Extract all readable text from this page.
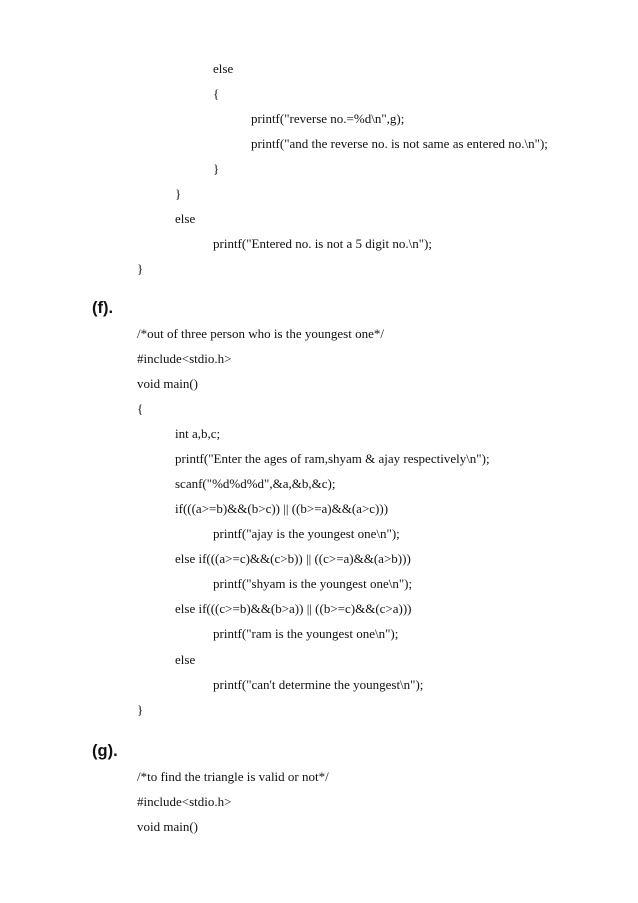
else
{
printf("reverse no.=%d\n",g);
printf("and the reverse no. is not same as entered no.\n");
}
}
else
printf("Entered no. is not a 5 digit no.\n");
}
(f).
/*out of three person who is the youngest one*/
#include<stdio.h>
void main()
{
int a,b,c;
printf("Enter the ages of ram,shyam & ajay respectively\n");
scanf("%d%d%d",&a,&b,&c);
if(((a>=b)&&(b>c)) || ((b>=a)&&(a>c)))
printf("ajay is the youngest one\n");
else if(((a>=c)&&(c>b)) || ((c>=a)&&(a>b)))
printf("shyam is the youngest one\n");
else if(((c>=b)&&(b>a)) || ((b>=c)&&(c>a)))
printf("ram is the youngest one\n");
else
printf("can't determine the youngest\n");
}
(g).
/*to find the triangle is valid or not*/
#include<stdio.h>
void main()
